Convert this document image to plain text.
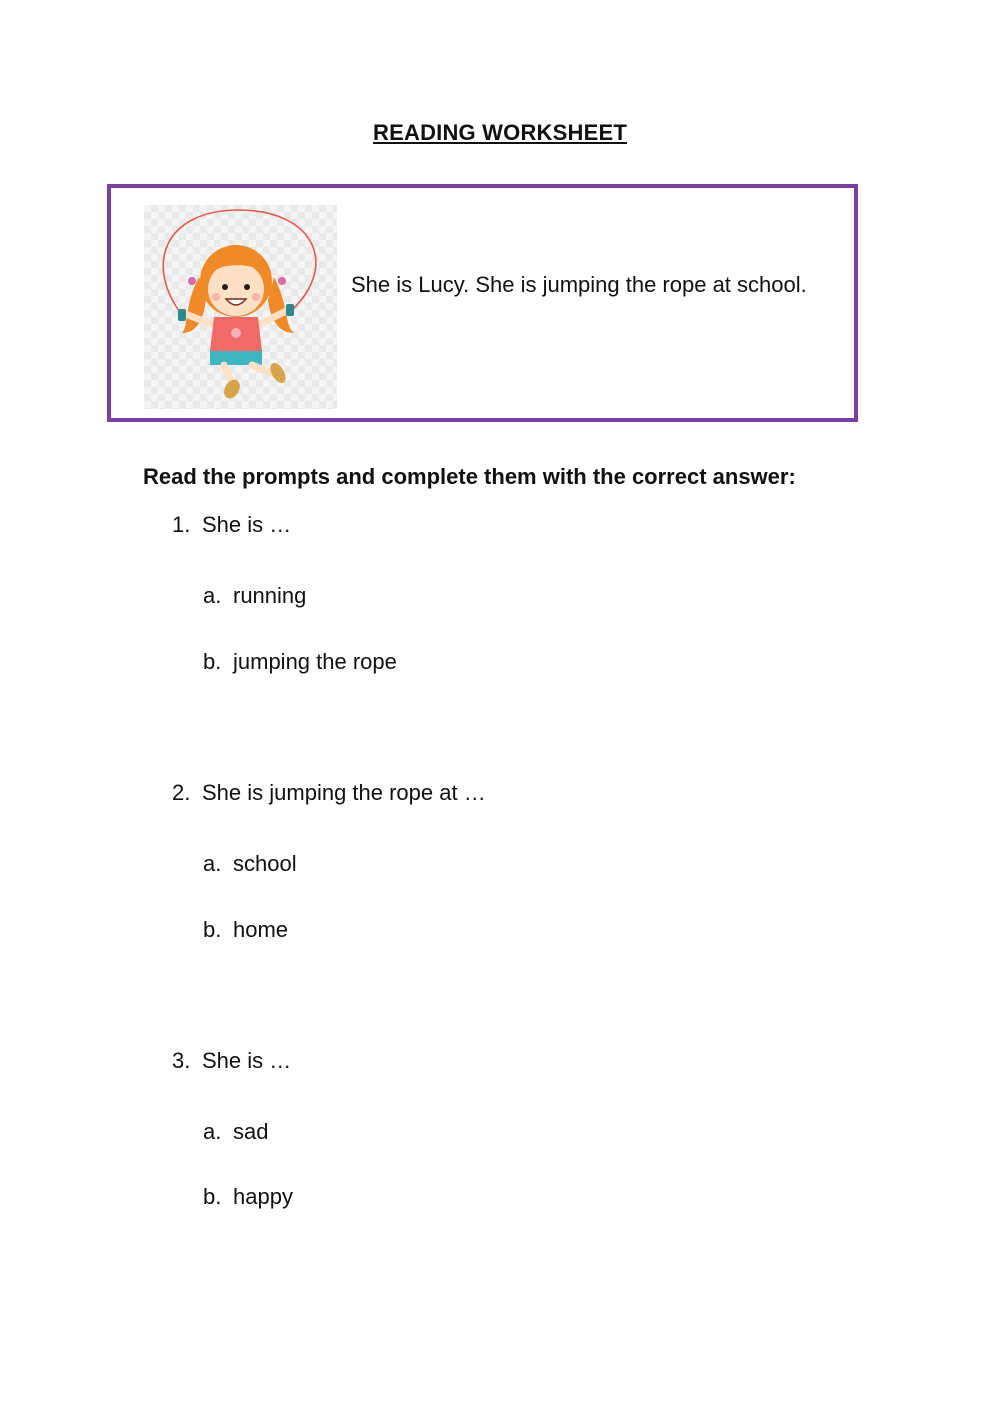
READING WORKSHEET
She is Lucy. She is jumping the rope at school.
Read the prompts and complete them with the correct answer:
1. She is …
a. running
b. jumping the rope
2. She is jumping the rope at …
a. school
b. home
3. She is …
a. sad
b. happy
